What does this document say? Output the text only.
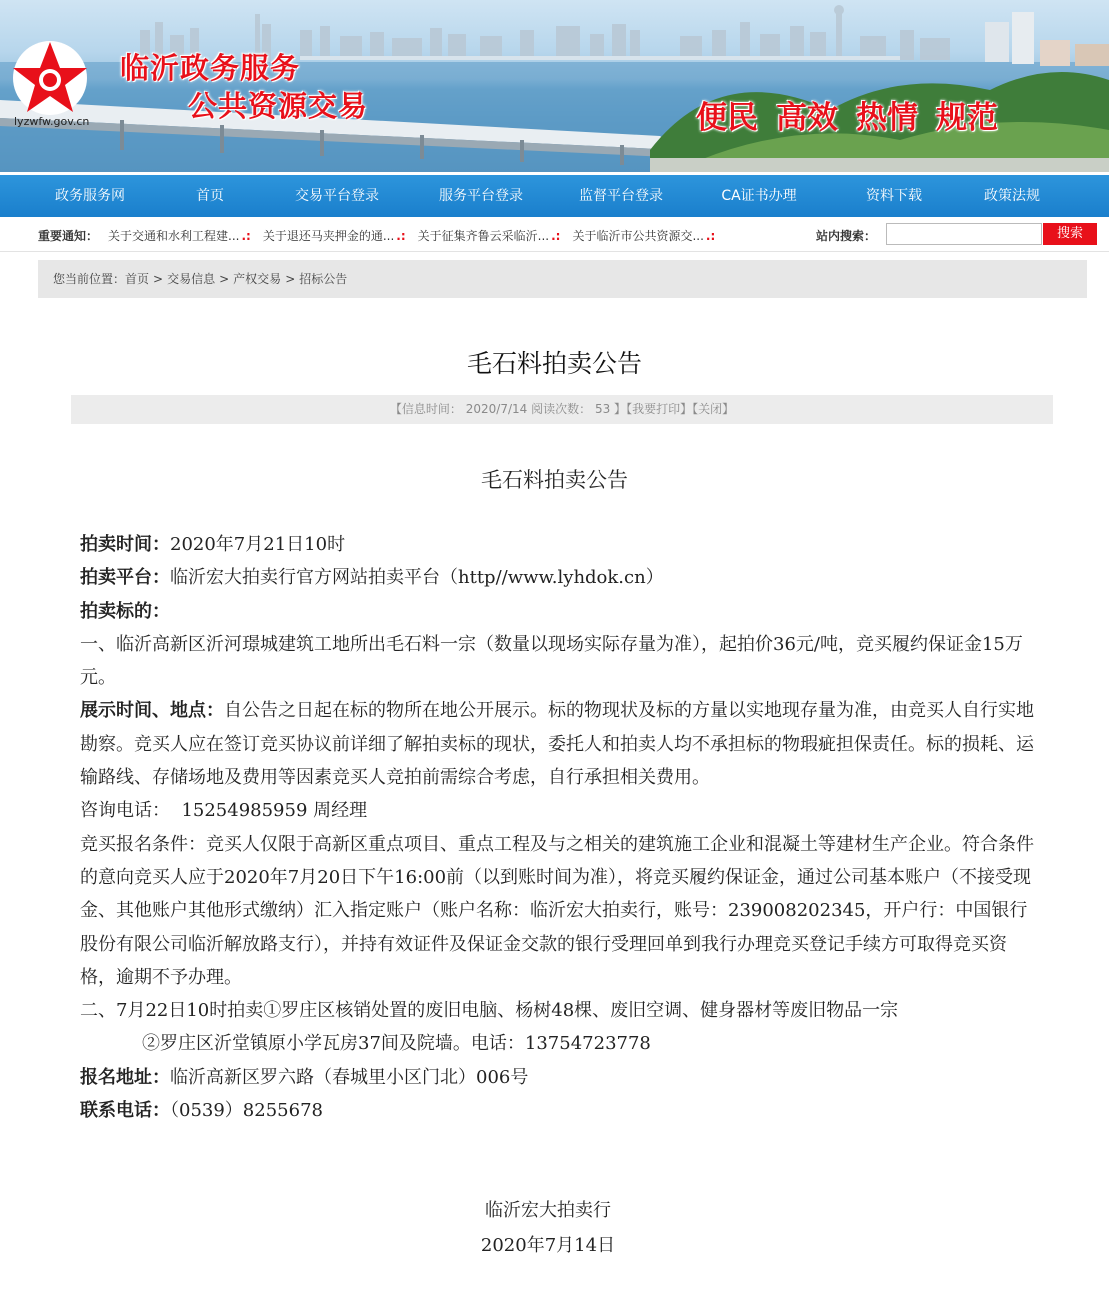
临沂政务服务
公共资源交易
lyzwfw.gov.cn	便民 高效 热情 规范
政务服务网	首页	交易平台登录	服务平台登录	监督平台登录	CA证书办理	资料下载	政策法规
重要通知： 关于交通和水利工程建... .: 关于退还马夹押金的通... .: 关于征集齐鲁云采临沂... .: 关于临沂市公共资源交... .:	站内搜索：	搜索
您当前位置： 首页 > 交易信息 > 产权交易 > 招标公告
毛石料拍卖公告
【信息时间： 2020/7/14 阅读次数： 53 】【我要打印】【关闭】
毛石料拍卖公告

拍卖时间：2020年7月21日10时

拍卖平台：临沂宏大拍卖行官方网站拍卖平台（http//www.lyhdok.cn）

拍卖标的：

一、临沂高新区沂河璟城建筑工地所出毛石料一宗（数量以现场实际存量为准），起拍价36元/吨，竞买履约保证金15万元。

展示时间、地点：自公告之日起在标的物所在地公开展示。标的物现状及标的方量以实地现存量为准，由竞买人自行实地勘察。竞买人应在签订竞买协议前详细了解拍卖标的现状，委托人和拍卖人均不承担标的物瑕疵担保责任。标的损耗、运输路线、存储场地及费用等因素竞买人竞拍前需综合考虑，自行承担相关费用。

咨询电话：  15254985959 周经理

竞买报名条件：竞买人仅限于高新区重点项目、重点工程及与之相关的建筑施工企业和混凝土等建材生产企业。符合条件的意向竞买人应于2020年7月20日下午16:00前（以到账时间为准），将竞买履约保证金，通过公司基本账户（不接受现金、其他账户其他形式缴纳）汇入指定账户（账户名称：临沂宏大拍卖行，账号：239008202345，开户行：中国银行股份有限公司临沂解放路支行），并持有效证件及保证金交款的银行受理回单到我行办理竞买登记手续方可取得竞买资格，逾期不予办理。

二、7月22日10时拍卖①罗庄区核销处置的废旧电脑、杨树48棵、废旧空调、健身器材等废旧物品一宗

②罗庄区沂堂镇原小学瓦房37间及院墙。电话：13754723778

报名地址：临沂高新区罗六路（春城里小区门北）006号

联系电话：（0539）8255678

临沂宏大拍卖行
2020年7月14日
